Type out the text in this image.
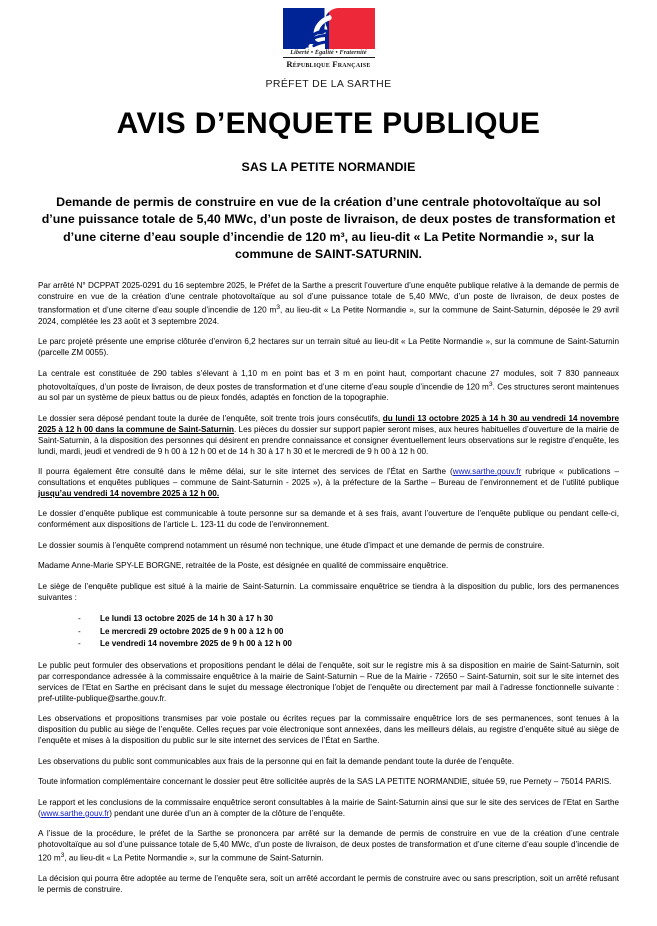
Liberté • Égalité • Fraternité
République Française
PRÉFET DE LA SARTHE
AVIS D’ENQUETE PUBLIQUE
SAS LA PETITE NORMANDIE
Demande de permis de construire en vue de la création d’une centrale photovoltaïque au sol d’une puissance totale de 5,40 MWc, d’un poste de livraison, de deux postes de transformation et d’une citerne d’eau souple d’incendie de 120 m³, au lieu-dit « La Petite Normandie », sur la commune de SAINT-SATURNIN.

Par arrêté N° DCPPAT 2025-0291 du 16 septembre 2025, le Préfet de la Sarthe a prescrit l’ouverture d’une enquête publique relative à la demande de permis de construire en vue de la création d’une centrale photovoltaïque au sol d’une puissance totale de 5,40 MWc, d’un poste de livraison, de deux postes de transformation et d’une citerne d’eau souple d’incendie de 120 $m^3$, au lieu-dit « La Petite Normandie », sur la commune de Saint-Saturnin, déposée le 29 avril 2024, complétée les 23 août et 3 septembre 2024.

Le parc projeté présente une emprise clôturée d’environ 6,2 hectares sur un terrain situé au lieu-dit « La Petite Normandie », sur la commune de Saint-Saturnin (parcelle ZM 0055).

La centrale est constituée de 290 tables s’élevant à 1,10 m en point bas et 3 m en point haut, comportant chacune 27 modules, soit 7 830 panneaux photovoltaïques, d’un poste de livraison, de deux postes de transformation et d’une citerne d’eau souple d’incendie de 120 $m^3$. Ces structures seront maintenues au sol par un système de pieux battus ou de pieux fondés, adaptés en fonction de la topographie.

Le dossier sera déposé pendant toute la durée de l’enquête, soit trente trois jours consécutifs, du lundi 13 octobre 2025 à 14 h 30 au vendredi 14 novembre 2025 à 12 h 00 dans la commune de Saint-Saturnin. Les pièces du dossier sur support papier seront mises, aux heures habituelles d’ouverture de la mairie de Saint-Saturnin, à la disposition des personnes qui désirent en prendre connaissance et consigner éventuellement leurs observations sur le registre d’enquête, les lundi, mardi, jeudi et vendredi de 9 h 00 à 12 h 00 et de 14 h 30 à 17 h 30 et le mercredi de 9 h 00 à 12 h 00.

Il pourra également être consulté dans le même délai, sur le site internet des services de l’État en Sarthe (www.sarthe.gouv.fr rubrique « publications – consultations et enquêtes publiques – commune de Saint-Saturnin - 2025 »), à la préfecture de la Sarthe – Bureau de l’environnement et de l’utilité publique jusqu’au vendredi 14 novembre 2025 à 12 h 00.

Le dossier d’enquête publique est communicable à toute personne sur sa demande et à ses frais, avant l’ouverture de l’enquête publique ou pendant celle-ci, conformément aux dispositions de l’article L. 123-11 du code de l’environnement.

Le dossier soumis à l’enquête comprend notamment un résumé non technique, une étude d’impact et une demande de permis de construire.

Madame Anne-Marie SPY-LE BORGNE, retraitée de la Poste, est désignée en qualité de commissaire enquêtrice.

Le siège de l’enquête publique est situé à la mairie de Saint-Saturnin. La commissaire enquêtrice se tiendra à la disposition du public, lors des permanences suivantes :

- Le lundi 13 octobre 2025 de 14 h 30 à 17 h 30
- Le mercredi 29 octobre 2025 de 9 h 00 à 12 h 00
- Le vendredi 14 novembre 2025 de 9 h 00 à 12 h 00

Le public peut formuler des observations et propositions pendant le délai de l’enquête, soit sur le registre mis à sa disposition en mairie de Saint-Saturnin, soit par correspondance adressée à la commissaire enquêtrice à la mairie de Saint-Saturnin – Rue de la Mairie - 72650 – Saint-Saturnin, soit sur le site internet des services de l’Etat en Sarthe en précisant dans le sujet du message électronique l’objet de l’enquête ou directement par mail à l’adresse fonctionnelle suivante : pref-utilite-publique@sarthe.gouv.fr.

Les observations et propositions transmises par voie postale ou écrites reçues par la commissaire enquêtrice lors de ses permanences, sont tenues à la disposition du public au siège de l’enquête. Celles reçues par voie électronique sont annexées, dans les meilleurs délais, au registre d’enquête situé au siège de l’enquête et mises à la disposition du public sur le site internet des services de l’État en Sarthe.

Les observations du public sont communicables aux frais de la personne qui en fait la demande pendant toute la durée de l’enquête.

Toute information complémentaire concernant le dossier peut être sollicitée auprès de la SAS LA PETITE NORMANDIE, située 59, rue Pernety – 75014 PARIS.

Le rapport et les conclusions de la commissaire enquêtrice seront consultables à la mairie de Saint-Saturnin ainsi que sur le site des services de l’Etat en Sarthe (www.sarthe.gouv.fr) pendant une durée d’un an à compter de la clôture de l’enquête.

A l’issue de la procédure, le préfet de la Sarthe se prononcera par arrêté sur la demande de permis de construire en vue de la création d’une centrale photovoltaïque au sol d’une puissance totale de 5,40 MWc, d’un poste de livraison, de deux postes de transformation et d’une citerne d’eau souple d’incendie de 120 $m^3$, au lieu-dit « La Petite Normandie », sur la commune de Saint-Saturnin.

La décision qui pourra être adoptée au terme de l’enquête sera, soit un arrêté accordant le permis de construire avec ou sans prescription, soit un arrêté refusant le permis de construire.
